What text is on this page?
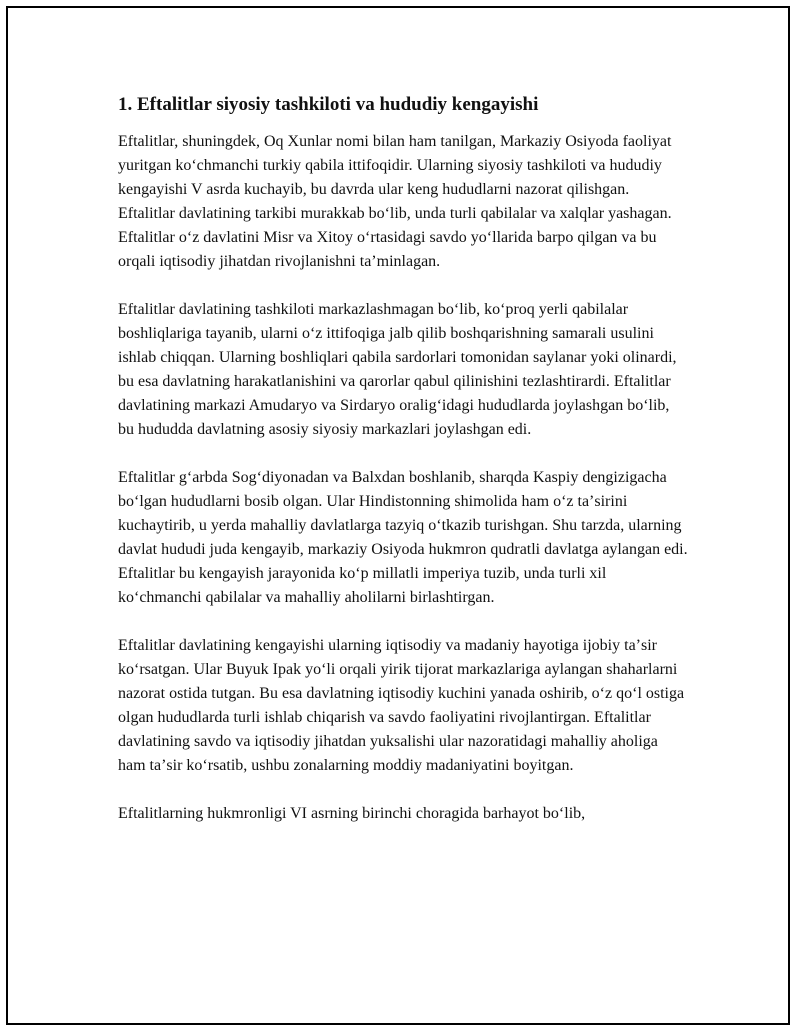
1. Eftalitlar siyosiy tashkiloti va hududiy kengayishi

Eftalitlar, shuningdek, Oq Xunlar nomi bilan ham tanilgan, Markaziy Osiyoda faoliyat yuritgan koʻchmanchi turkiy qabila ittifoqidir. Ularning siyosiy tashkiloti va hududiy kengayishi V asrda kuchayib, bu davrda ular keng hududlarni nazorat qilishgan. Eftalitlar davlatining tarkibi murakkab boʻlib, unda turli qabilalar va xalqlar yashagan. Eftalitlar oʻz davlatini Misr va Xitoy oʻrtasidagi savdo yoʻllarida barpo qilgan va bu orqali iqtisodiy jihatdan rivojlanishni taʼminlagan.

Eftalitlar davlatining tashkiloti markazlashmagan boʻlib, koʻproq yerli qabilalar boshliqlariga tayanib, ularni oʻz ittifoqiga jalb qilib boshqarishning samarali usulini ishlab chiqqan. Ularning boshliqlari qabila sardorlari tomonidan saylanar yoki olinardi, bu esa davlatning harakatlanishini va qarorlar qabul qilinishini tezlashtirardi. Eftalitlar davlatining markazi Amudaryo va Sirdaryo oraligʻidagi hududlarda joylashgan boʻlib, bu hududda davlatning asosiy siyosiy markazlari joylashgan edi.

Eftalitlar gʻarbda Sogʻdiyonadan va Balxdan boshlanib, sharqda Kaspiy dengizigacha boʻlgan hududlarni bosib olgan. Ular Hindistonning shimolida ham oʻz taʼsirini kuchaytirib, u yerda mahalliy davlatlarga tazyiq oʻtkazib turishgan. Shu tarzda, ularning davlat hududi juda kengayib, markaziy Osiyoda hukmron qudratli davlatga aylangan edi. Eftalitlar bu kengayish jarayonida koʻp millatli imperiya tuzib, unda turli xil koʻchmanchi qabilalar va mahalliy aholilarni birlashtirgan.

Eftalitlar davlatining kengayishi ularning iqtisodiy va madaniy hayotiga ijobiy taʼsir koʻrsatgan. Ular Buyuk Ipak yoʻli orqali yirik tijorat markazlariga aylangan shaharlarni nazorat ostida tutgan. Bu esa davlatning iqtisodiy kuchini yanada oshirib, oʻz qoʻl ostiga olgan hududlarda turli ishlab chiqarish va savdo faoliyatini rivojlantirgan. Eftalitlar davlatining savdo va iqtisodiy jihatdan yuksalishi ular nazoratidagi mahalliy aholiga ham taʼsir koʻrsatib, ushbu zonalarning moddiy madaniyatini boyitgan.

Eftalitlarning hukmronligi VI asrning birinchi choragida barhayot boʻlib,
